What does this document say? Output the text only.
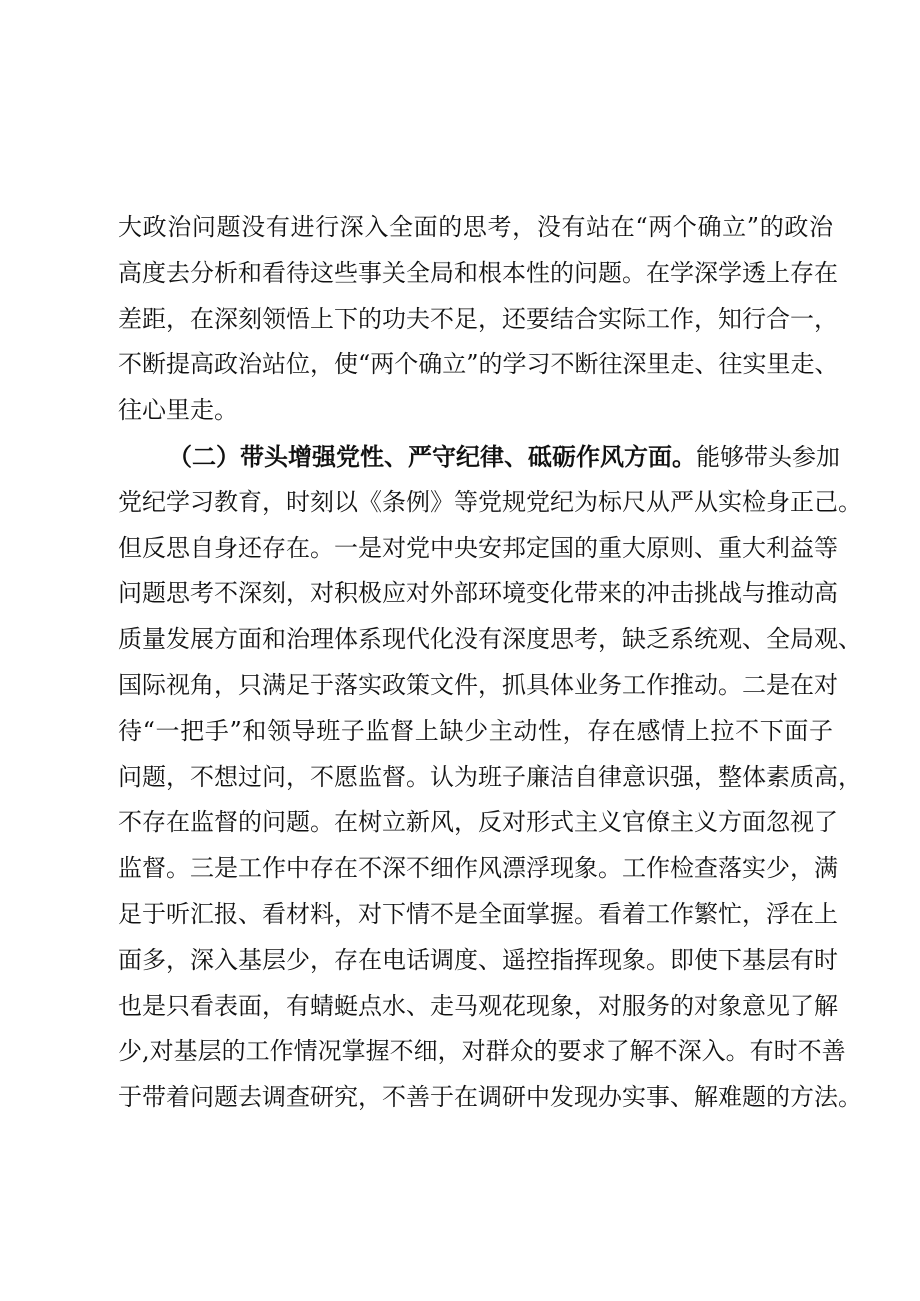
大政治问题没有进行深入全面的思考，没有站在“两个确立”的政治
高度去分析和看待这些事关全局和根本性的问题。在学深学透上存在
差距，在深刻领悟上下的功夫不足，还要结合实际工作，知行合一，
不断提高政治站位，使“两个确立”的学习不断往深里走、往实里走、
往心里走。
（二）带头增强党性、严守纪律、砥砺作风方面。能够带头参加
党纪学习教育，时刻以《条例》等党规党纪为标尺从严从实检身正己。
但反思自身还存在。一是对党中央安邦定国的重大原则、重大利益等
问题思考不深刻，对积极应对外部环境变化带来的冲击挑战与推动高
质量发展方面和治理体系现代化没有深度思考，缺乏系统观、全局观、
国际视角，只满足于落实政策文件，抓具体业务工作推动。二是在对
待“一把手”和领导班子监督上缺少主动性，存在感情上拉不下面子
问题，不想过问，不愿监督。认为班子廉洁自律意识强，整体素质高，
不存在监督的问题。在树立新风，反对形式主义官僚主义方面忽视了
监督。三是工作中存在不深不细作风漂浮现象。工作检查落实少，满
足于听汇报、看材料，对下情不是全面掌握。看着工作繁忙，浮在上
面多，深入基层少，存在电话调度、遥控指挥现象。即使下基层有时
也是只看表面，有蜻蜓点水、走马观花现象，对服务的对象意见了解
少,对基层的工作情况掌握不细，对群众的要求了解不深入。有时不善
于带着问题去调查研究，不善于在调研中发现办实事、解难题的方法。
